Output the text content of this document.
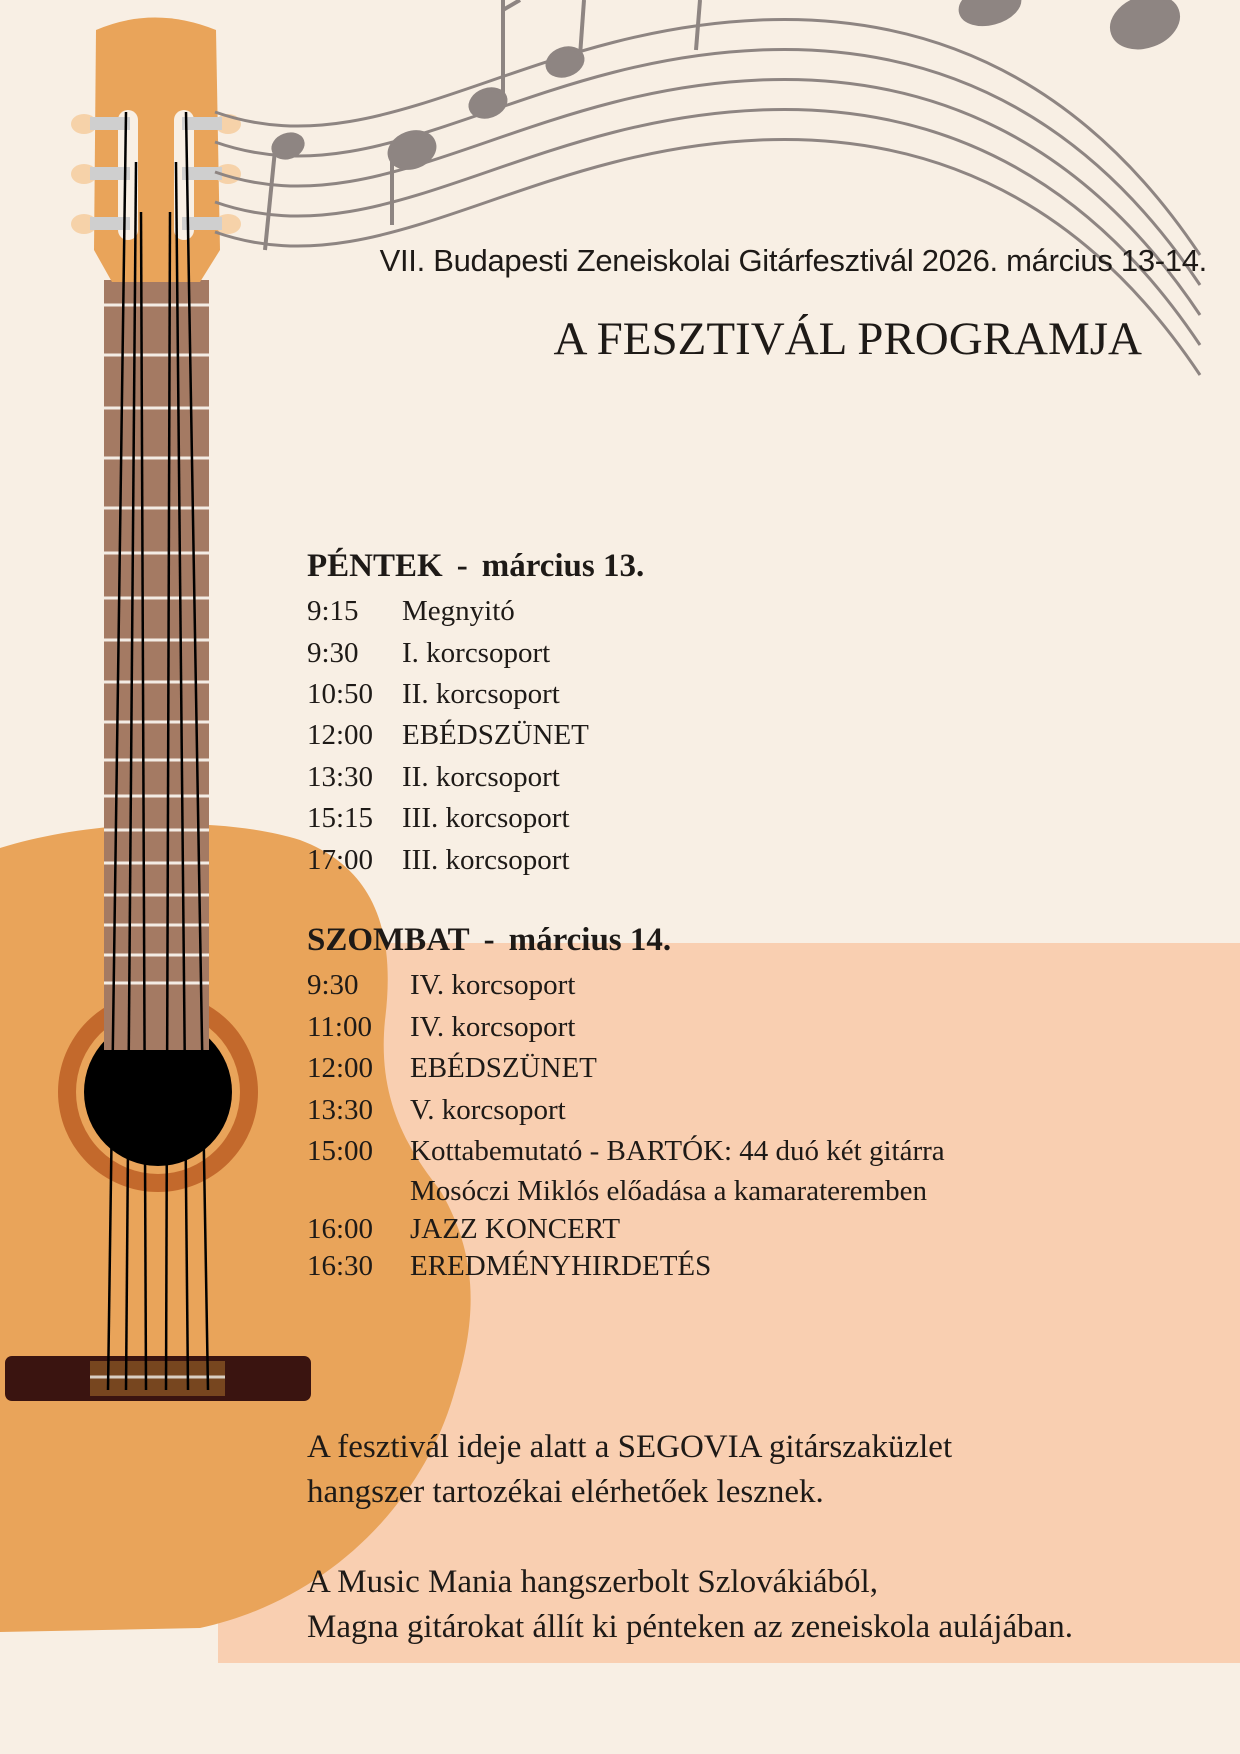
VII. Budapesti Zeneiskolai Gitárfesztivál 2026. március 13-14.
A FESZTIVÁL PROGRAMJA
PÉNTEK - március 13.
9:15 Megnyitó
9:30 I. korcsoport
10:50 II. korcsoport
12:00 EBÉDSZÜNET
13:30 II. korcsoport
15:15 III. korcsoport
17:00 III. korcsoport
SZOMBAT - március 14.
9:30 IV. korcsoport
11:00 IV. korcsoport
12:00 EBÉDSZÜNET
13:30 V. korcsoport
15:00 Kottabemutató - BARTÓK: 44 duó két gitárra
Mosóczi Miklós előadása a kamarateremben
16:00 JAZZ KONCERT
16:30 EREDMÉNYHIRDETÉS
A fesztivál ideje alatt a SEGOVIA gitárszaküzlet
hangszer tartozékai elérhetőek lesznek.
A Music Mania hangszerbolt Szlovákiából,
Magna gitárokat állít ki pénteken az zeneiskola aulájában.
